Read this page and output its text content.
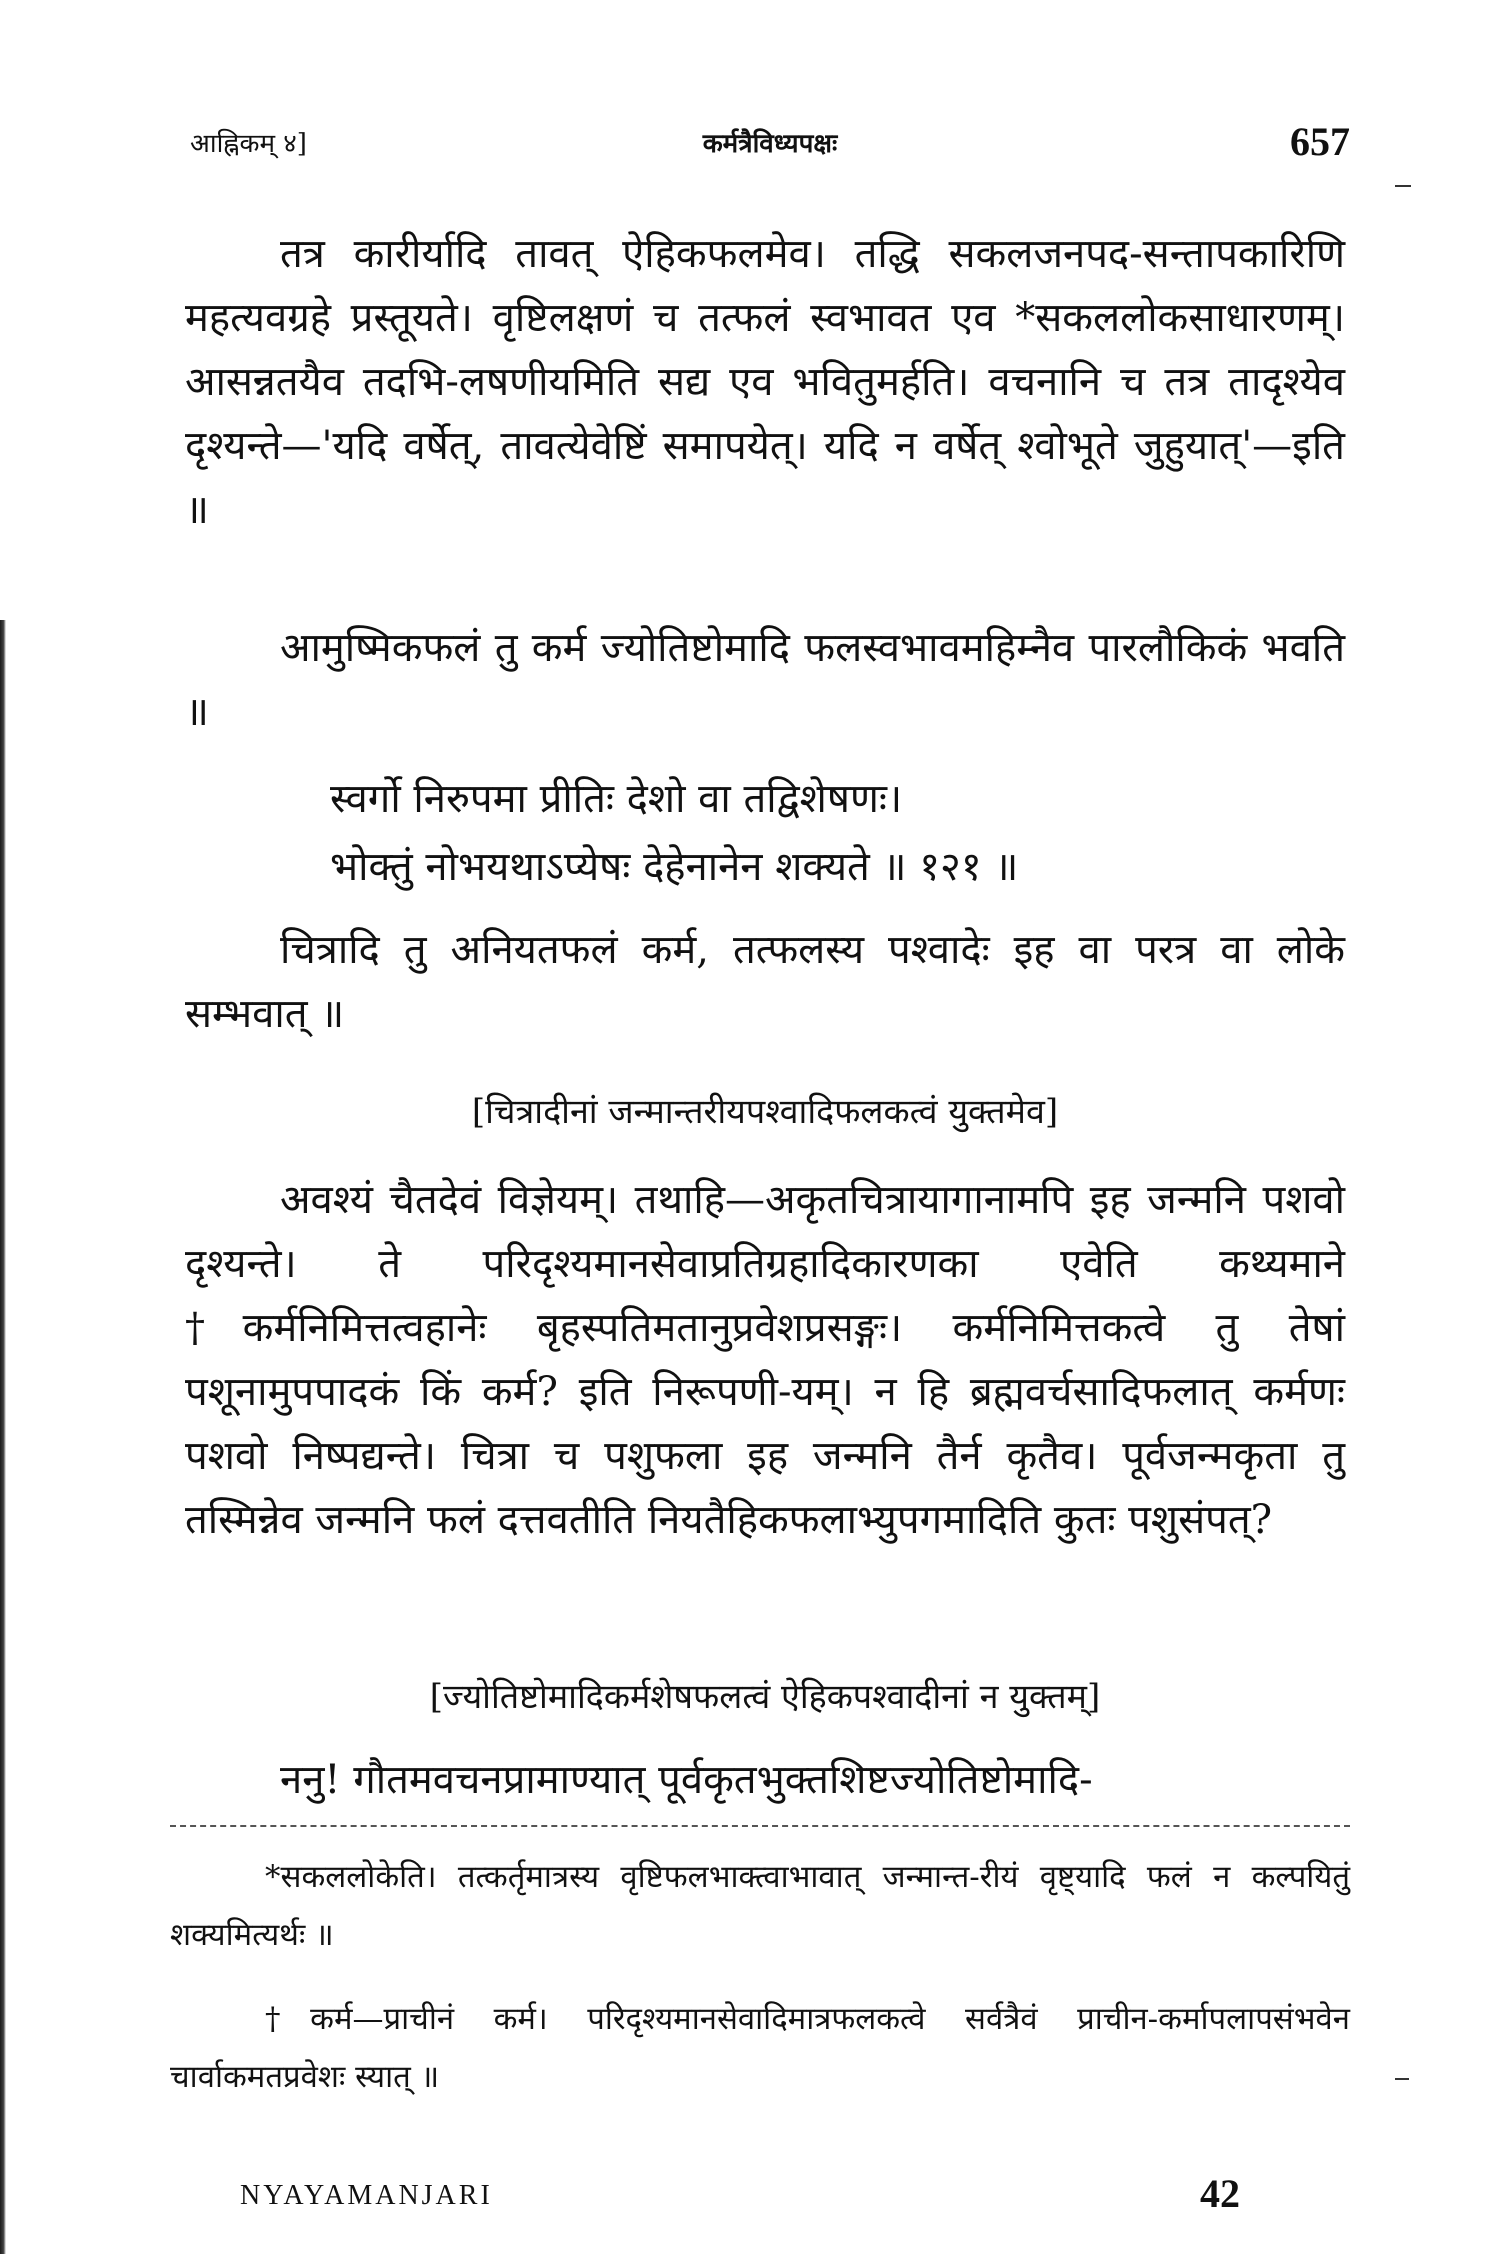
आह्निकम् ४]	कर्मत्रैविध्यपक्षः	657

तत्र कारीर्यादि तावत् ऐहिकफलमेव। तद्धि सकलजनपद-सन्तापकारिणि महत्यवग्रहे प्रस्तूयते। वृष्टिलक्षणं च तत्फलं स्वभावत एव *सकललोकसाधारणम्। आसन्नतयैव तदभि-लषणीयमिति सद्य एव भवितुमर्हति। वचनानि च तत्र तादृश्येव दृश्यन्ते—'यदि वर्षेत्, तावत्येवेष्टिं समापयेत्। यदि न वर्षेत् श्वोभूते जुहुयात्'—इति ॥

आमुष्मिकफलं तु कर्म ज्योतिष्टोमादि फलस्वभावमहिम्नैव पारलौकिकं भवति ॥

स्वर्गो निरुपमा प्रीतिः देशो वा तद्विशेषणः।
भोक्तुं नोभयथाऽप्येषः देहेनानेन शक्यते ॥ १२१ ॥

चित्रादि तु अनियतफलं कर्म, तत्फलस्य पश्वादेः इह वा परत्र वा लोके सम्भवात् ॥

[चित्रादीनां जन्मान्तरीयपश्वादिफलकत्वं युक्तमेव]

अवश्यं चैतदेवं विज्ञेयम्। तथाहि—अकृतचित्रायागानामपि इह जन्मनि पशवो दृश्यन्ते। ते परिदृश्यमानसेवाप्रतिग्रहादिकारणका एवेति कथ्यमाने †कर्मनिमित्तत्वहानेः बृहस्पतिमतानुप्रवेशप्रसङ्गः। कर्मनिमित्तकत्वे तु तेषां पशूनामुपपादकं किं कर्म? इति निरूपणी-यम्। न हि ब्रह्मवर्चसादिफलात् कर्मणः पशवो निष्पद्यन्ते। चित्रा च पशुफला इह जन्मनि तैर्न कृतैव। पूर्वजन्मकृता तु तस्मिन्नेव जन्मनि फलं दत्तवतीति नियतैहिकफलाभ्युपगमादिति कुतः पशुसंपत्?

[ज्योतिष्टोमादिकर्मशेषफलत्वं ऐहिकपश्वादीनां न युक्तम्]

ननु! गौतमवचनप्रामाण्यात् पूर्वकृतभुक्तशिष्टज्योतिष्टोमादि-

*सकललोकेति। तत्कर्तृमात्रस्य वृष्टिफलभाक्त्वाभावात् जन्मान्त-रीयं वृष्ट्यादि फलं न कल्पयितुं शक्यमित्यर्थः ॥

†कर्म—प्राचीनं कर्म। परिदृश्यमानसेवादिमात्रफलकत्वे सर्वत्रैवं प्राचीन-कर्मापलापसंभवेन चार्वाकमतप्रवेशः स्यात् ॥

NYAYAMANJARI	42
